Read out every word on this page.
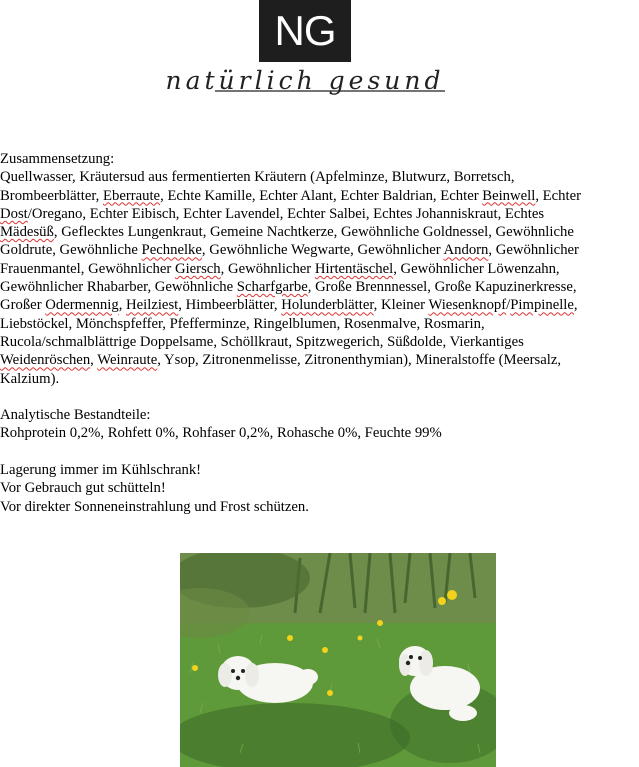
NG
natürlich gesund
Zusammensetzung:
Quellwasser, Kräutersud aus fermentierten Kräutern (Apfelminze, Blutwurz, Borretsch,
Brombeerblätter, Eberraute, Echte Kamille, Echter Alant, Echter Baldrian, Echter Beinwell, Echter
Dost/Oregano, Echter Eibisch, Echter Lavendel, Echter Salbei, Echtes Johanniskraut, Echtes
Mädesüß, Geflecktes Lungenkraut, Gemeine Nachtkerze, Gewöhnliche Goldnessel, Gewöhnliche
Goldrute, Gewöhnliche Pechnelke, Gewöhnliche Wegwarte, Gewöhnlicher Andorn, Gewöhnlicher
Frauenmantel, Gewöhnlicher Giersch, Gewöhnlicher Hirtentäschel, Gewöhnlicher Löwenzahn,
Gewöhnlicher Rhabarber, Gewöhnliche Scharfgarbe, Große Brennnessel, Große Kapuzinerkresse,
Großer Odermennig, Heilziest, Himbeerblätter, Holunderblätter, Kleiner Wiesenknopf/Pimpinelle,
Liebstöckel, Mönchspfeffer, Pfefferminze, Ringelblumen, Rosenmalve, Rosmarin,
Rucola/schmalblättrige Doppelsame, Schöllkraut, Spitzwegerich, Süßdolde, Vierkantiges
Weidenröschen, Weinraute, Ysop, Zitronenmelisse, Zitronenthymian), Mineralstoffe (Meersalz,
Kalzium).
Analytische Bestandteile:
Rohprotein 0,2%, Rohfett 0%, Rohfaser 0,2%, Rohasche 0%, Feuchte 99%
Lagerung immer im Kühlschrank!
Vor Gebrauch gut schütteln!
Vor direkter Sonneneinstrahlung und Frost schützen.
